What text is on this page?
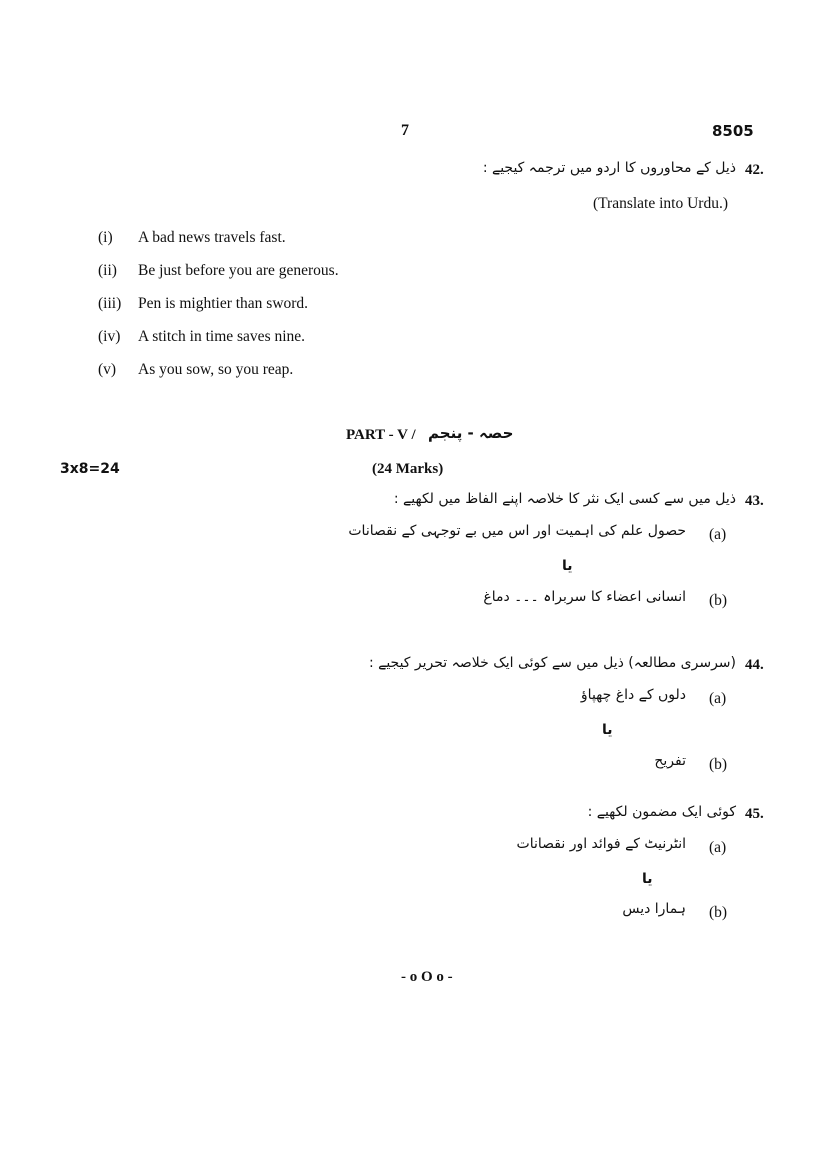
7	8505
42.
ذیل کے محاوروں کا اردو میں ترجمہ کیجیے :
(Translate into Urdu.)
(i) A bad news travels fast.
(ii) Be just before you are generous.
(iii) Pen is mightier than sword.
(iv) A stitch in time saves nine.
(v) As you sow, so you reap.
PART - V / حصہ - پنجم
3x8=24	(24 Marks)
43.
ذیل میں سے کسی ایک نثر کا خلاصہ اپنے الفاظ میں لکھیے :
(a)
حصول علم کی اہمیت اور اس میں بے توجہی کے نقصانات
یا
(b)
انسانی اعضاء کا سربراہ ۔۔۔ دماغ
44.
(سرسری مطالعہ) ذیل میں سے کوئی ایک خلاصہ تحریر کیجیے :
(a)
دلوں کے داغ چھپاؤ
یا
(b)
تفریح
45.
کوئی ایک مضمون لکھیے :
(a)
انٹرنیٹ کے فوائد اور نقصانات
یا
(b)
ہمارا دیس
- o O o -
